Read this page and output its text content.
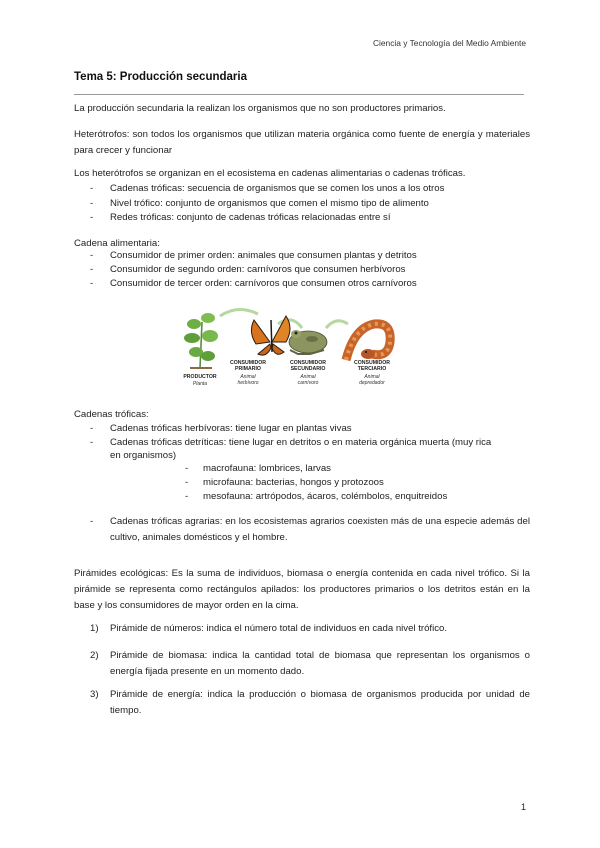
Ciencia y Tecnología del Medio Ambiente
Tema 5: Producción secundaria
La producción secundaria la realizan los organismos que no son productores primarios.
Heterótrofos: son todos los organismos que utilizan materia orgánica como fuente de energía y materiales para crecer y funcionar
Los heterótrofos se organizan en el ecosistema en cadenas alimentarias o cadenas tróficas.
- Cadenas tróficas: secuencia de organismos que se comen los unos a los otros
- Nivel trófico: conjunto de organismos que comen el mismo tipo de alimento
- Redes tróficas: conjunto de cadenas tróficas relacionadas entre sí
Cadena alimentaria:
- Consumidor de primer orden: animales que consumen plantas y detritos
- Consumidor de segundo orden: carnívoros que consumen herbívoros
- Consumidor de tercer orden: carnívoros que consumen otros carnívoros
PRODUCTOR
Planta
CONSUMIDOR
PRIMARIO
Animal
herbívoro
CONSUMIDOR
SECUNDARIO
Animal
carnívoro
CONSUMIDOR
TERCIARIO
Animal
depredador
Cadenas tróficas:
- Cadenas tróficas herbívoras: tiene lugar en plantas vivas
- Cadenas tróficas detríticas: tiene lugar en detritos o en materia orgánica muerta (muy rica
en organismos)
- macrofauna: lombrices, larvas
- microfauna: bacterias, hongos y protozoos
- mesofauna: artrópodos, ácaros, colémbolos, enquitreidos
-	Cadenas tróficas agrarias: en los ecosistemas agrarios coexisten más de una especie además del cultivo, animales domésticos y el hombre.
Pirámides ecológicas: Es la suma de individuos, biomasa o energía contenida en cada nivel trófico. Si la pirámide se representa como rectángulos apilados: los productores primarios o los detritos están en la base y los consumidores de mayor orden en la cima.
1) Pirámide de números: indica el número total de individuos en cada nivel trófico.
2) Pirámide de biomasa: indica la cantidad total de biomasa que representan los organismos o energía fijada presente en un momento dado.
3) Pirámide de energía: indica la producción o biomasa de organismos producida por unidad de tiempo.
1
